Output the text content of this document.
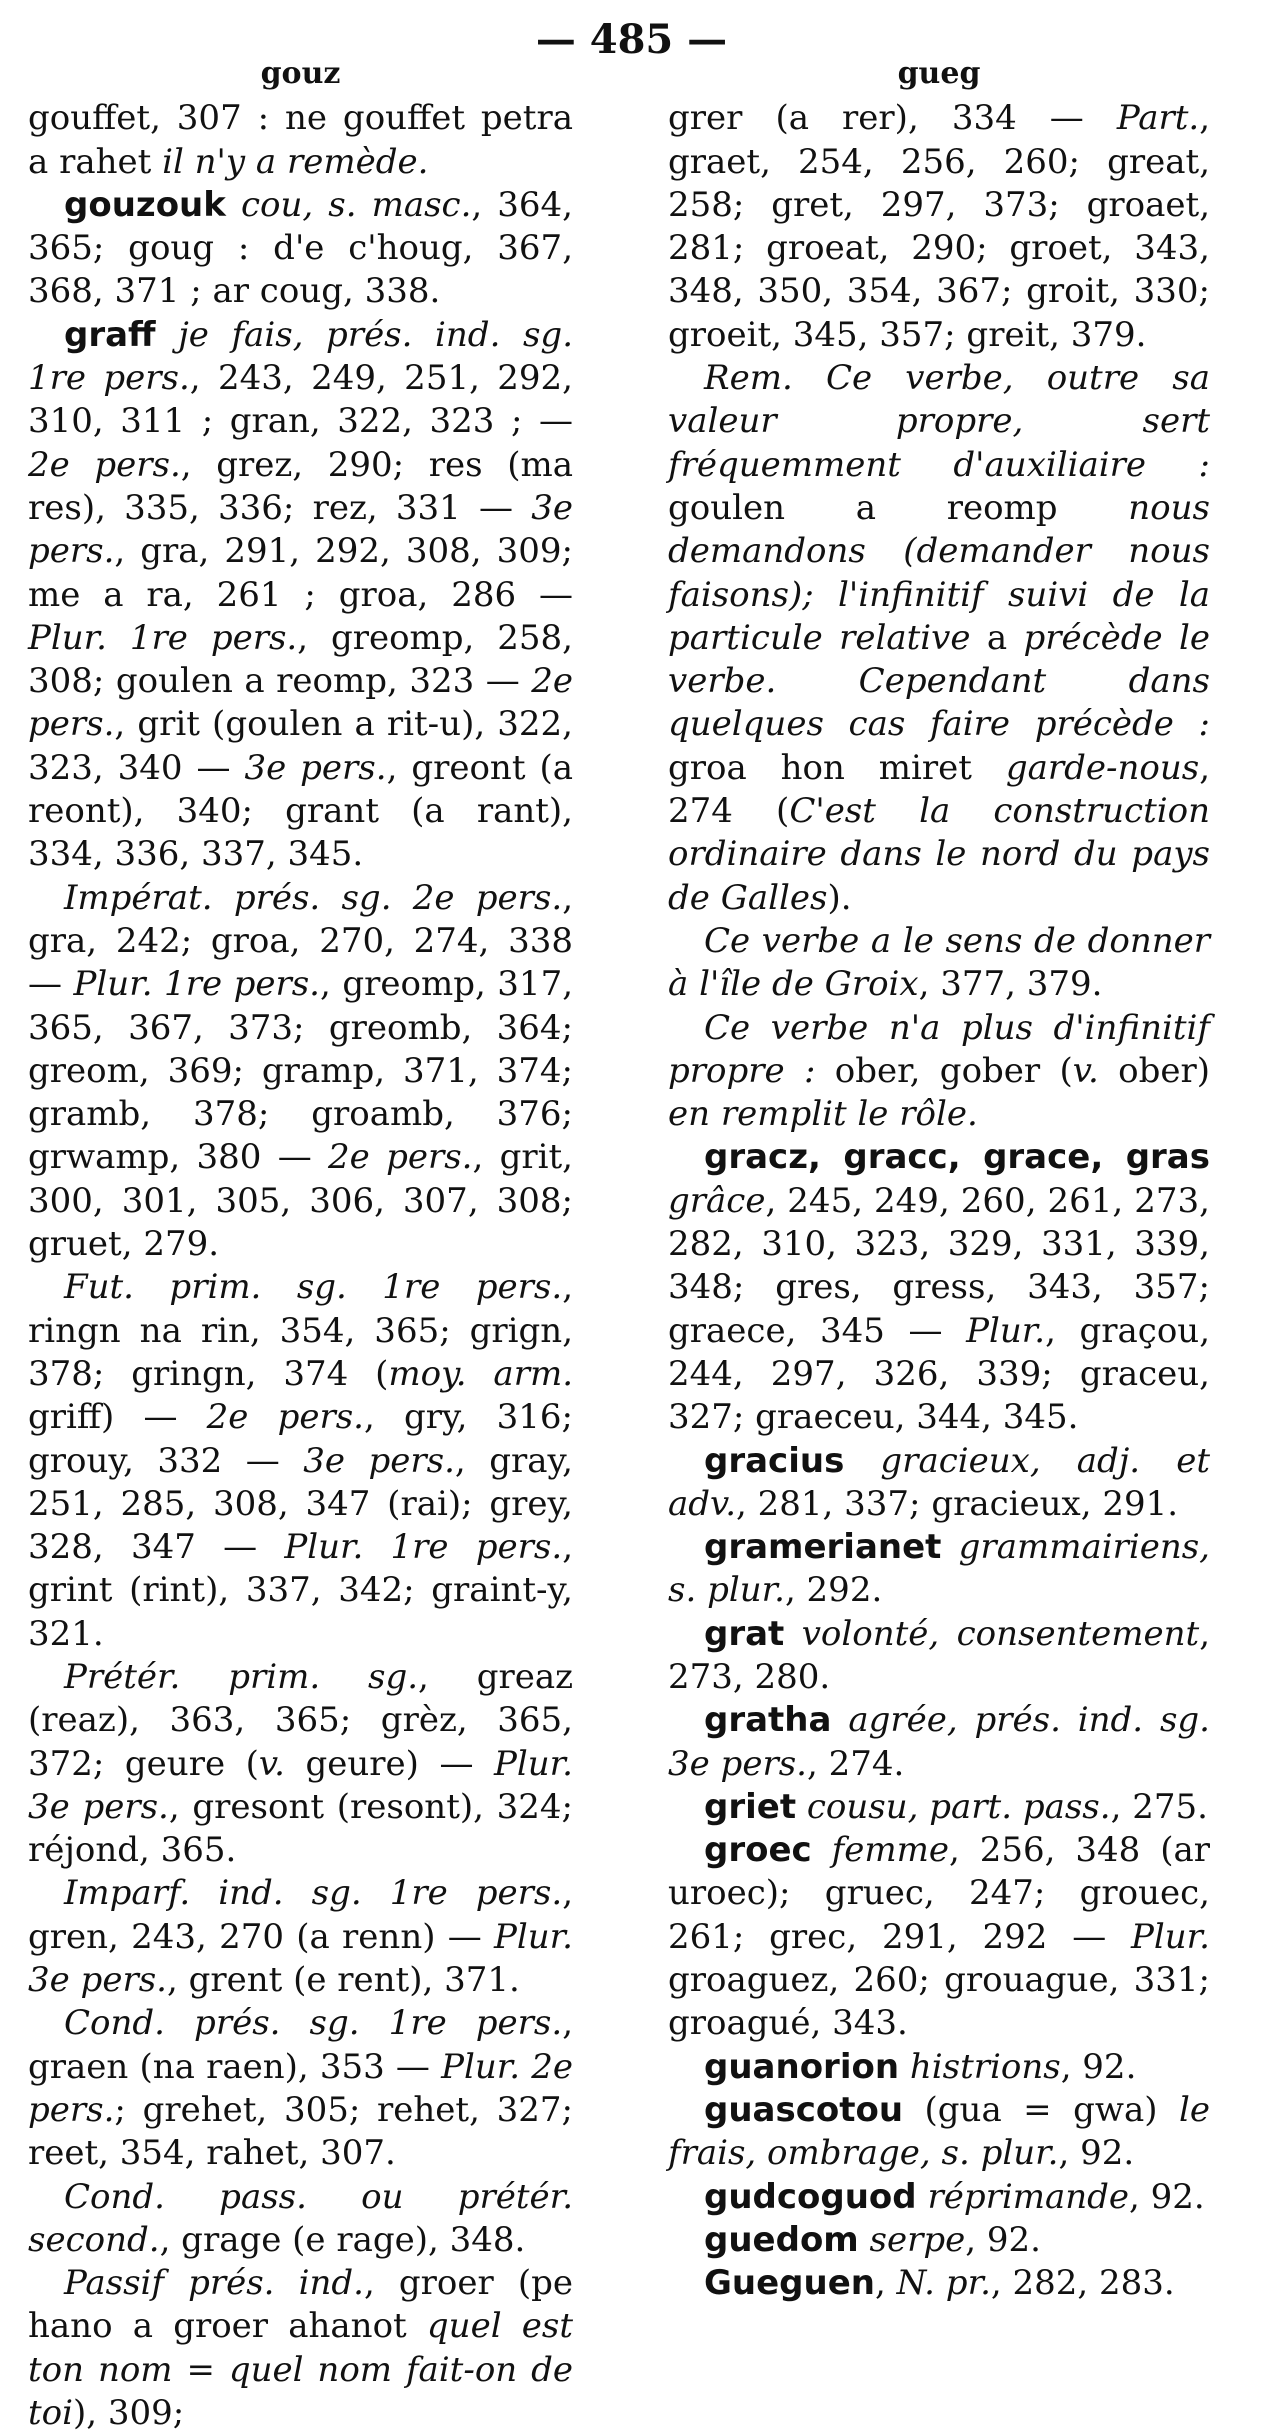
— 485 —
gouz

gouffet, 307 : ne gouffet petra a rahet il n'y a remède.

gouzouk cou, s. masc., 364, 365; goug : d'e c'houg, 367, 368, 371 ; ar coug, 338.

graff je fais, prés. ind. sg. 1re pers., 243, 249, 251, 292, 310, 311 ; gran, 322, 323 ; — 2e pers., grez, 290; res (ma res), 335, 336; rez, 331 — 3e pers., gra, 291, 292, 308, 309; me a ra, 261 ; groa, 286 — Plur. 1re pers., greomp, 258, 308; goulen a reomp, 323 — 2e pers., grit (goulen a rit-u), 322, 323, 340 — 3e pers., greont (a reont), 340; grant (a rant), 334, 336, 337, 345.

Impérat. prés. sg. 2e pers., gra, 242; groa, 270, 274, 338 — Plur. 1re pers., greomp, 317, 365, 367, 373; greomb, 364; greom, 369; gramp, 371, 374; gramb, 378; groamb, 376; grwamp, 380 — 2e pers., grit, 300, 301, 305, 306, 307, 308; gruet, 279.

Fut. prim. sg. 1re pers., ringn na rin, 354, 365; grign, 378; gringn, 374 (moy. arm. griff) — 2e pers., gry, 316; grouy, 332 — 3e pers., gray, 251, 285, 308, 347 (rai); grey, 328, 347 — Plur. 1re pers., grint (rint), 337, 342; graint-y, 321.

Prétér. prim. sg., greaz (reaz), 363, 365; grèz, 365, 372; geure (v. geure) — Plur. 3e pers., gresont (resont), 324; réjond, 365.

Imparf. ind. sg. 1re pers., gren, 243, 270 (a renn) — Plur. 3e pers., grent (e rent), 371.

Cond. prés. sg. 1re pers., graen (na raen), 353 — Plur. 2e pers.; grehet, 305; rehet, 327; reet, 354, rahet, 307.

Cond. pass. ou prétér. second., grage (e rage), 348.

Passif prés. ind., groer (pe hano a groer ahanot quel est ton nom = quel nom fait-on de toi), 309;

gueg

grer (a rer), 334 — Part., graet, 254, 256, 260; great, 258; gret, 297, 373; groaet, 281; groeat, 290; groet, 343, 348, 350, 354, 367; groit, 330; groeit, 345, 357; greit, 379.

Rem. Ce verbe, outre sa valeur propre, sert fréquemment d'auxiliaire : goulen a reomp nous demandons (demander nous faisons); l'infinitif suivi de la particule relative a précède le verbe. Cependant dans quelques cas faire précède : groa hon miret garde-nous, 274 (C'est la construction ordinaire dans le nord du pays de Galles).

Ce verbe a le sens de donner à l'île de Groix, 377, 379.

Ce verbe n'a plus d'infinitif propre : ober, gober (v. ober) en remplit le rôle.

gracz, gracc, grace, gras grâce, 245, 249, 260, 261, 273, 282, 310, 323, 329, 331, 339, 348; gres, gress, 343, 357; graece, 345 — Plur., graçou, 244, 297, 326, 339; graceu, 327; graeceu, 344, 345.

gracius gracieux, adj. et adv., 281, 337; gracieux, 291.

gramerianet grammairiens, s. plur., 292.

grat volonté, consentement, 273, 280.

gratha agrée, prés. ind. sg. 3e pers., 274.

griet cousu, part. pass., 275.

groec femme, 256, 348 (ar uroec); gruec, 247; grouec, 261; grec, 291, 292 — Plur. groaguez, 260; grouague, 331; groagué, 343.

guanorion histrions, 92.

guascotou (gua = gwa) le frais, ombrage, s. plur., 92.

gudcoguod réprimande, 92.

guedom serpe, 92.

Gueguen, N. pr., 282, 283.
